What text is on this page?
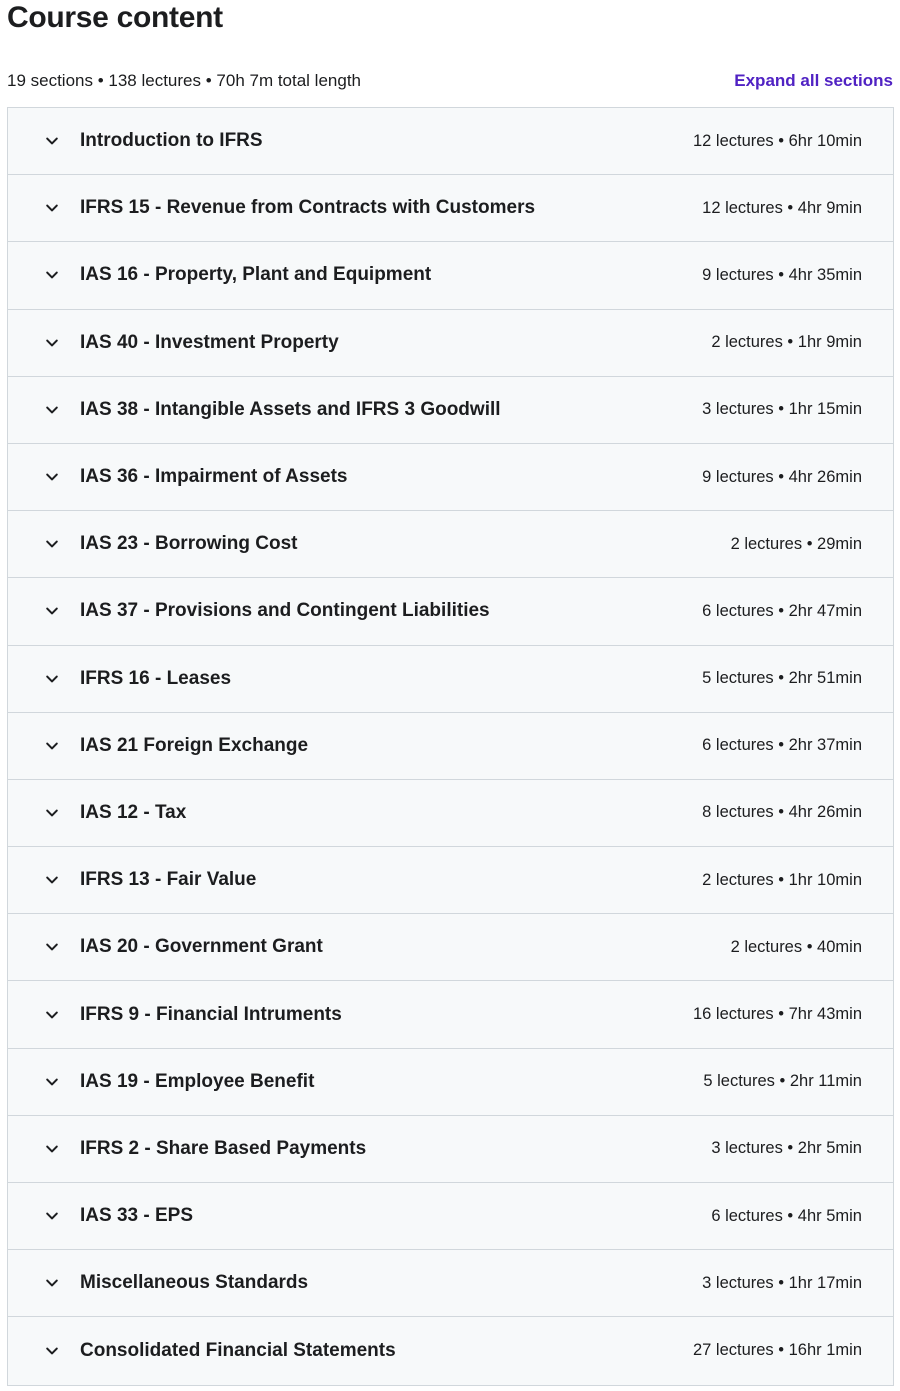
Course content
19 sections • 138 lectures • 70h 7m total length	Expand all sections
Introduction to IFRS	12 lectures • 6hr 10min
IFRS 15 - Revenue from Contracts with Customers	12 lectures • 4hr 9min
IAS 16 - Property, Plant and Equipment	9 lectures • 4hr 35min
IAS 40 - Investment Property	2 lectures • 1hr 9min
IAS 38 - Intangible Assets and IFRS 3 Goodwill	3 lectures • 1hr 15min
IAS 36 - Impairment of Assets	9 lectures • 4hr 26min
IAS 23 - Borrowing Cost	2 lectures • 29min
IAS 37 - Provisions and Contingent Liabilities	6 lectures • 2hr 47min
IFRS 16 - Leases	5 lectures • 2hr 51min
IAS 21 Foreign Exchange	6 lectures • 2hr 37min
IAS 12 - Tax	8 lectures • 4hr 26min
IFRS 13 - Fair Value	2 lectures • 1hr 10min
IAS 20 - Government Grant	2 lectures • 40min
IFRS 9 - Financial Intruments	16 lectures • 7hr 43min
IAS 19 - Employee Benefit	5 lectures • 2hr 11min
IFRS 2 - Share Based Payments	3 lectures • 2hr 5min
IAS 33 - EPS	6 lectures • 4hr 5min
Miscellaneous Standards	3 lectures • 1hr 17min
Consolidated Financial Statements	27 lectures • 16hr 1min
